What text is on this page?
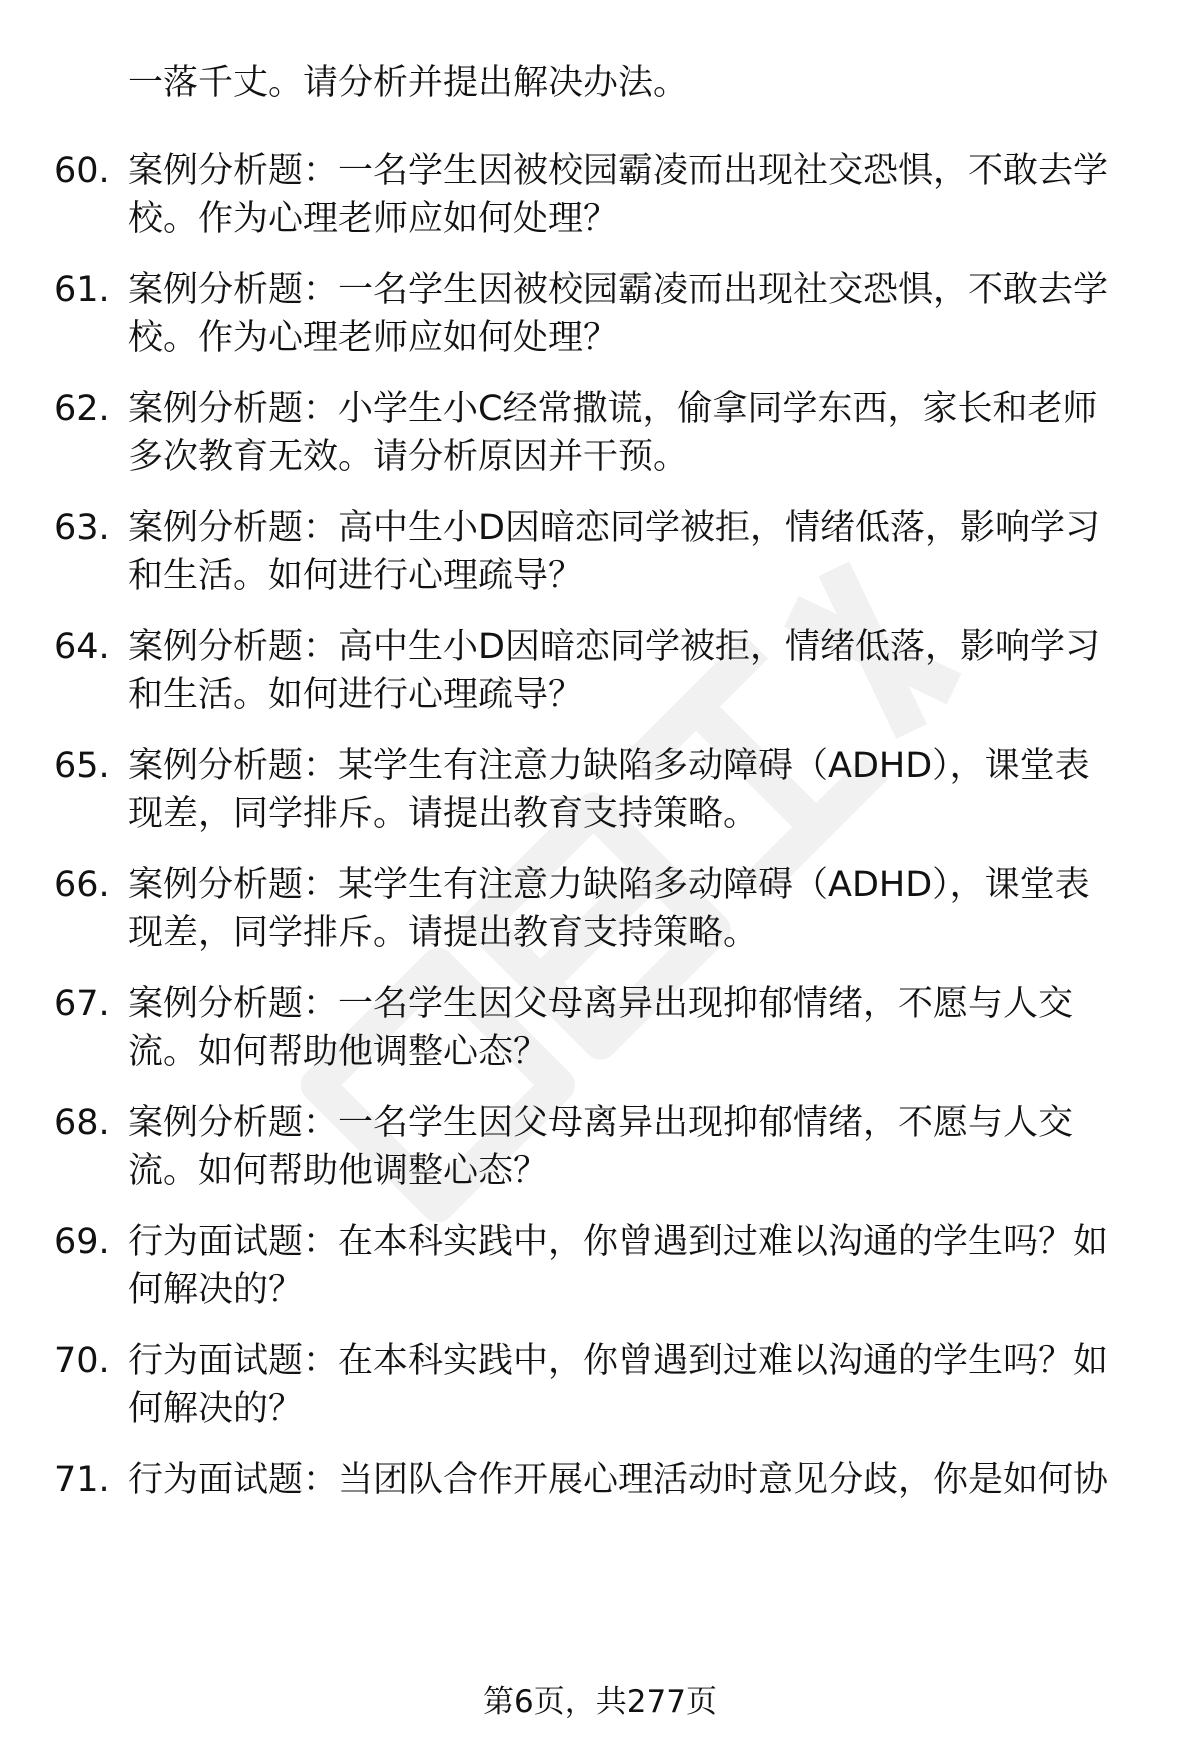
一落千丈。请分析并提出解决办法。
60. 案例分析题：一名学生因被校园霸凌而出现社交恐惧，不敢去学
校。作为心理老师应如何处理？
61. 案例分析题：一名学生因被校园霸凌而出现社交恐惧，不敢去学
校。作为心理老师应如何处理？
62. 案例分析题：小学生小C经常撒谎，偷拿同学东西，家长和老师
多次教育无效。请分析原因并干预。
63. 案例分析题：高中生小D因暗恋同学被拒，情绪低落，影响学习
和生活。如何进行心理疏导？
64. 案例分析题：高中生小D因暗恋同学被拒，情绪低落，影响学习
和生活。如何进行心理疏导？
65. 案例分析题：某学生有注意力缺陷多动障碍（ADHD），课堂表
现差，同学排斥。请提出教育支持策略。
66. 案例分析题：某学生有注意力缺陷多动障碍（ADHD），课堂表
现差，同学排斥。请提出教育支持策略。
67. 案例分析题：一名学生因父母离异出现抑郁情绪，不愿与人交
流。如何帮助他调整心态？
68. 案例分析题：一名学生因父母离异出现抑郁情绪，不愿与人交
流。如何帮助他调整心态？
69. 行为面试题：在本科实践中，你曾遇到过难以沟通的学生吗？如
何解决的？
70. 行为面试题：在本科实践中，你曾遇到过难以沟通的学生吗？如
何解决的？
71. 行为面试题：当团队合作开展心理活动时意见分歧，你是如何协
第6页，共277页
